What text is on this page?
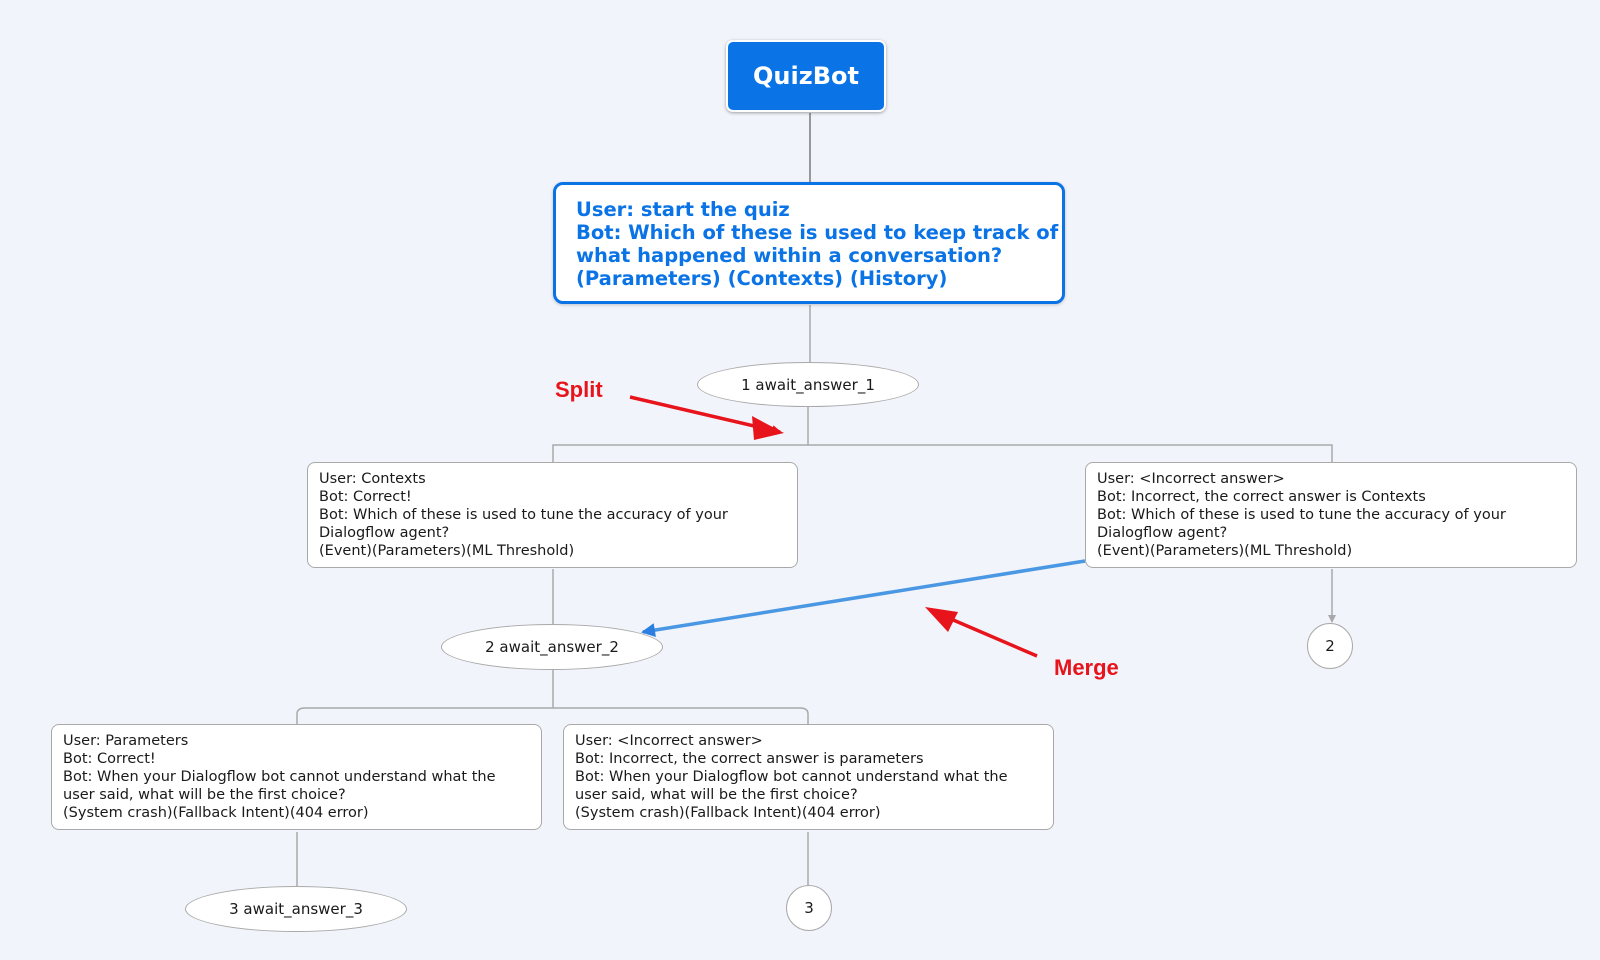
QuizBot
User: start the quiz
Bot: Which of these is used to keep track of
what happened within a conversation?
(Parameters) (Contexts) (History)
1 await_answer_1
User: Contexts
Bot: Correct!
Bot: Which of these is used to tune the accuracy of your
Dialogflow agent?
(Event)(Parameters)(ML Threshold)
User: <Incorrect answer>
Bot: Incorrect, the correct answer is Contexts
Bot: Which of these is used to tune the accuracy of your
Dialogflow agent?
(Event)(Parameters)(ML Threshold)
2 await_answer_2	2
User: Parameters
Bot: Correct!
Bot: When your Dialogflow bot cannot understand what the
user said, what will be the first choice?
(System crash)(Fallback Intent)(404 error)
User: <Incorrect answer>
Bot: Incorrect, the correct answer is parameters
Bot: When your Dialogflow bot cannot understand what the
user said, what will be the first choice?
(System crash)(Fallback Intent)(404 error)
3 await_answer_3	3
Split
Merge
